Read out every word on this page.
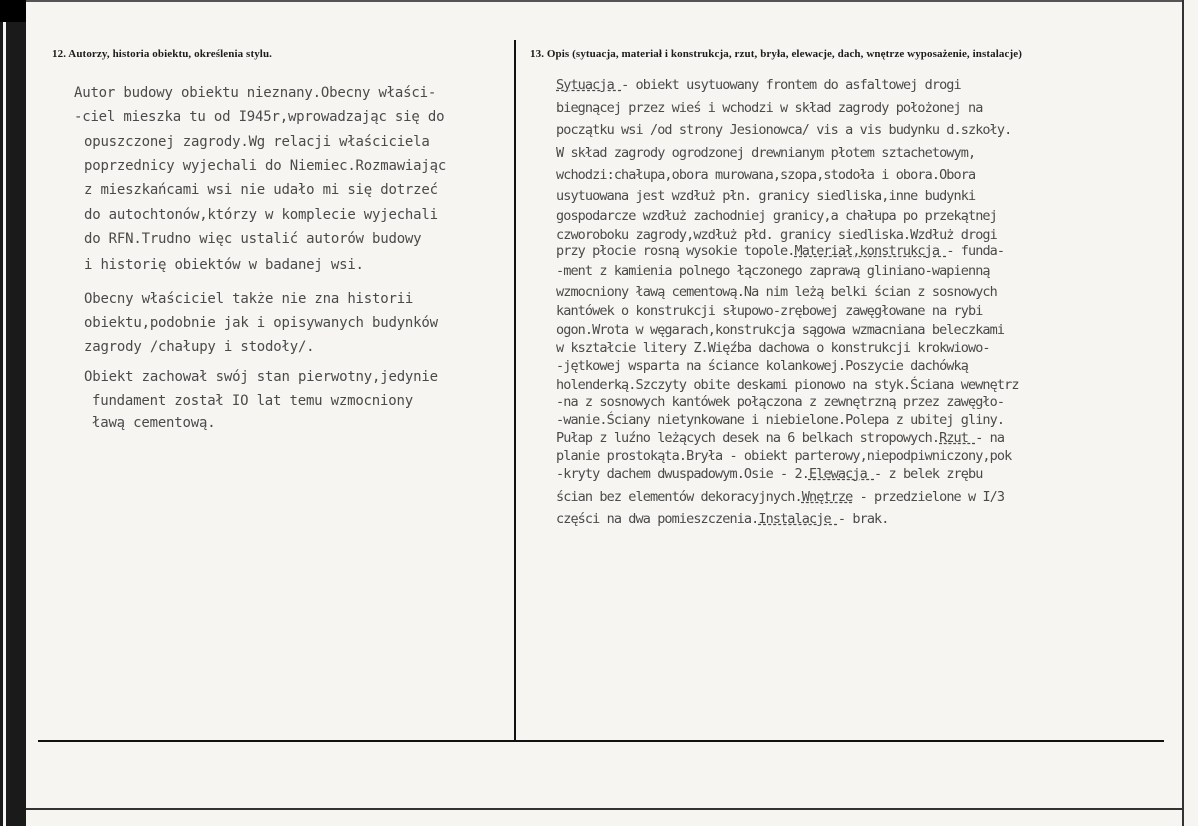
12. Autorzy, historia obiektu, określenia stylu.	13. Opis (sytuacja, materiał i konstrukcja, rzut, bryła, elewacje, dach, wnętrze wyposażenie, instalacje)
Autor budowy obiektu nieznany.Obecny właści-
-ciel mieszka tu od I945r,wprowadzając się do
opuszczonej zagrody.Wg relacji właściciela
poprzednicy wyjechali do Niemiec.Rozmawiając
z mieszkańcami wsi nie udało mi się dotrzeć
do autochtonów,którzy w komplecie wyjechali
do RFN.Trudno więc ustalić autorów budowy
i historię obiektów w badanej wsi.
Obecny właściciel także nie zna historii
obiektu,podobnie jak i opisywanych budynków
zagrody /chałupy i stodoły/.
Obiekt zachował swój stan pierwotny,jedynie
fundament został IO lat temu wzmocniony
ławą cementową.
Sytuacja - obiekt usytuowany frontem do asfaltowej drogi
biegnącej przez wieś i wchodzi w skład zagrody położonej na
początku wsi /od strony Jesionowca/ vis a vis budynku d.szkoły.
W skład zagrody ogrodzonej drewnianym płotem sztachetowym,
wchodzi:chałupa,obora murowana,szopa,stodoła i obora.Obora
usytuowana jest wzdłuż płn. granicy siedliska,inne budynki
gospodarcze wzdłuż zachodniej granicy,a chałupa po przekątnej
czworoboku zagrody,wzdłuż płd. granicy siedliska.Wzdłuż drogi
przy płocie rosną wysokie topole.Materiał,konstrukcja - funda-
-ment z kamienia polnego łączonego zaprawą gliniano-wapienną
wzmocniony ławą cementową.Na nim leżą belki ścian z sosnowych
kantówek o konstrukcji słupowo-zrębowej zawęgłowane na rybi
ogon.Wrota w węgarach,konstrukcja sągowa wzmacniana beleczkami
w kształcie litery Z.Więźba dachowa o konstrukcji krokwiowo-
-jętkowej wsparta na ściance kolankowej.Poszycie dachówką
holenderką.Szczyty obite deskami pionowo na styk.Ściana wewnętrz
-na z sosnowych kantówek połączona z zewnętrzną przez zawęgło-
-wanie.Ściany nietynkowane i niebielone.Polepa z ubitej gliny.
Pułap z luźno leżących desek na 6 belkach stropowych.Rzut - na
planie prostokąta.Bryła - obiekt parterowy,niepodpiwniczony,pok
-kryty dachem dwuspadowym.Osie - 2.Elewacja - z belek zrębu
ścian bez elementów dekoracyjnych.Wnętrze - przedzielone w I/3
części na dwa pomieszczenia.Instalacje - brak.
